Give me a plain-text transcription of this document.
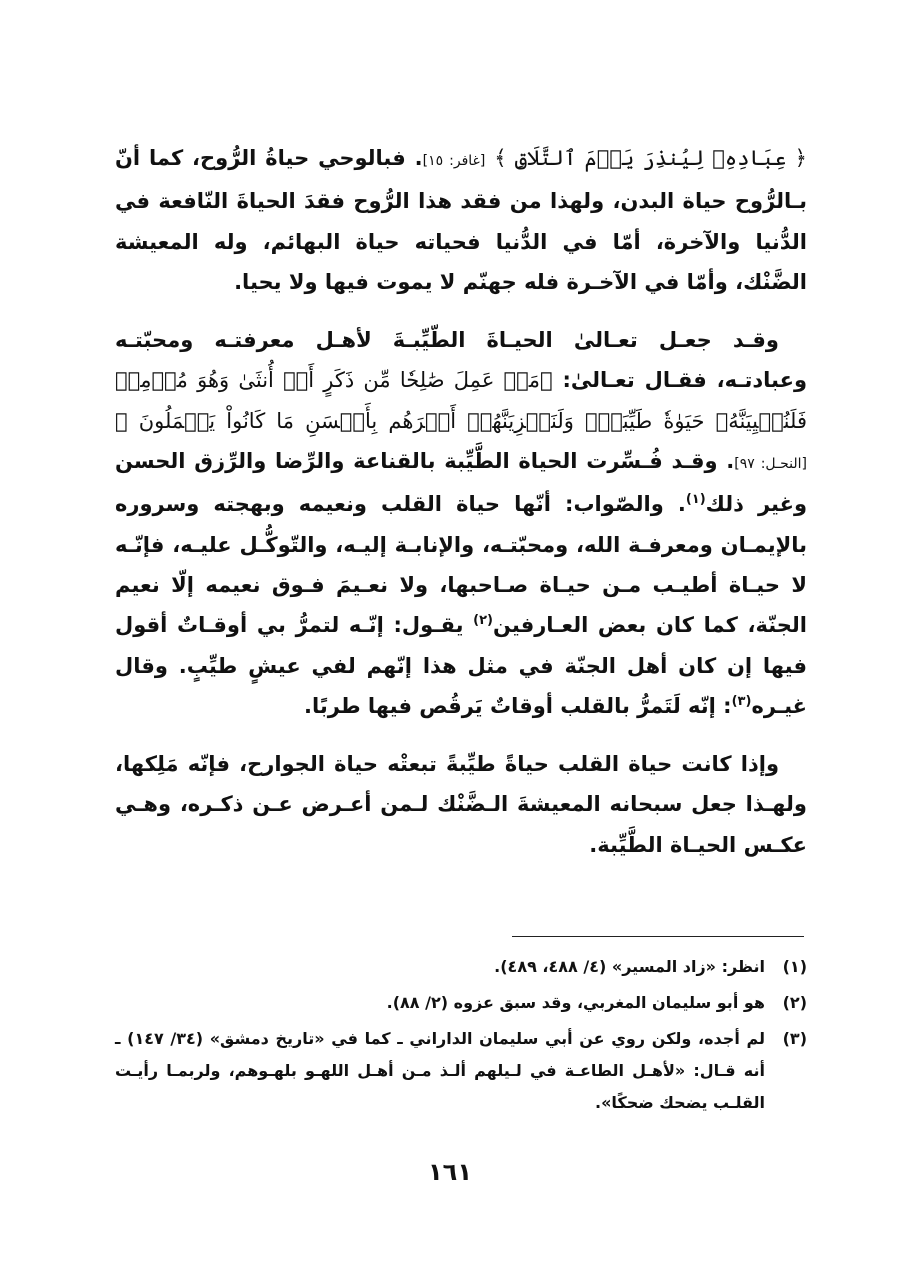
﴿ عِبَادِهِۦ لِيُنذِرَ يَوۡمَ ٱلتَّلَاقِ ﴾ [غافر: ١٥]. فبالوحي حياةُ الرُّوح، كما أنّ بـالرُّوح حياة البدن، ولهذا من فقد هذا الرُّوح فقدَ الحياةَ النّافعة في الدُّنيا والآخرة، أمّا في الدُّنيا فحياته حياة البهائم، وله المعيشة الضَّنْك، وأمّا في الآخـرة فله جهنّم لا يموت فيها ولا يحيا.

وقـد جعـل تعـالىٰ الحيـاةَ الطّيِّبـةَ لأهـل معرفتـه ومحبّتـه وعبادتـه، فقـال تعـالىٰ: ﴿مَنۡ عَمِلَ صَٰلِحٗا مِّن ذَكَرٍ أَوۡ أُنثَىٰ وَهُوَ مُؤۡمِنٞ فَلَنُحۡيِيَنَّهُۥ حَيَوٰةٗ طَيِّبَةٗۖ وَلَنَجۡزِيَنَّهُمۡ أَجۡرَهُم بِأَحۡسَنِ مَا كَانُواْ يَعۡمَلُونَ ﴾ [النحـل: ٩٧]. وقـد فُـسِّرت الحياة الطَّيِّبة بالقناعة والرِّضا والرِّزق الحسن وغير ذلك$^{(١)}$. والصّواب: أنّها حياة القلب ونعيمه وبهجته وسروره بالإيمـان ومعرفـة الله، ومحبّتـه، والإنابـة إليـه، والتّوكُّـل عليـه، فإنّـه لا حيـاة أطيـب مـن حيـاة صـاحبها، ولا نعـيمَ فـوق نعيمه إلّا نعيم الجنّة، كما كان بعض العـارفين$^{(٢)}$ يقـول: إنّـه لتمرُّ بي أوقـاتٌ أقول فيها إن كان أهل الجنّة في مثل هذا إنّهم لفي عيشٍ طيِّبٍ. وقال غيـره$^{(٣)}$: إنّه لَتَمرُّ بالقلب أوقاتٌ يَرقُص فيها طربًا.

وإذا كانت حياة القلب حياةً طيِّبةً تبعتْه حياة الجوارح، فإنّه مَلِكها، ولهـذا جعل سبحانه المعيشةَ الـضَّنْك لـمن أعـرض عـن ذكـره، وهـي عكـس الحيـاة الطَّيِّبة.

(١)
انظر: «زاد المسير» (٤/ ٤٨٨، ٤٨٩).

(٢)
هو أبو سليمان المغربي، وقد سبق عزوه (٢/ ٨٨).

(٣)
لم أجده، ولكن روي عن أبي سليمان الداراني ـ كما في «تاريخ دمشق» (٣٤/ ١٤٧) ـ أنه قـال: «لأهـل الطاعـة في لـيلهم ألـذ مـن أهـل اللهـو بلهـوهم، ولربمـا رأيـت القلـب يضحك ضحكًا».

١٦١
